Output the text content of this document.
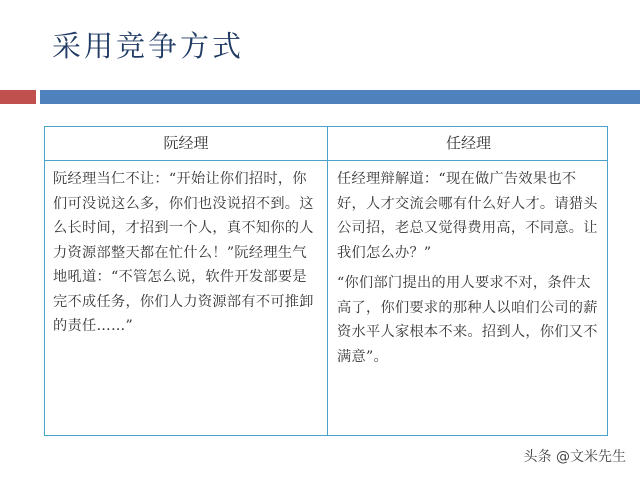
采用竞争方式
阮经理	任经理

阮经理当仁不让：“开始让你们招时，你们可没说这么多，你们也没说招不到。这么长时间，才招到一个人，真不知你的人力资源部整天都在忙什么！”阮经理生气地吼道：“不管怎么说，软件开发部要是完不成任务，你们人力资源部有不可推卸的责任……”

任经理辩解道：“现在做广告效果也不好，人才交流会哪有什么好人才。请猎头公司招，老总又觉得费用高，不同意。让我们怎么办？”

“你们部门提出的用人要求不对，条件太高了，你们要求的那种人以咱们公司的薪资水平人家根本不来。招到人，你们又不满意”。

头条 @文米先生
